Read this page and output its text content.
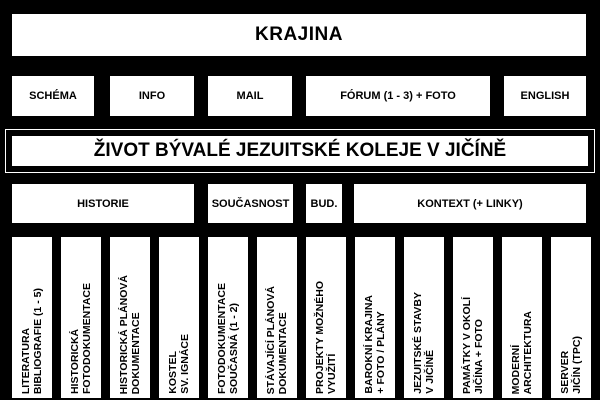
KRAJINA
SCHÉMA	INFO	MAIL	FÓRUM (1 - 3) + FOTO	ENGLISH
ŽIVOT BÝVALÉ JEZUITSKÉ KOLEJE V JIČÍNĚ
HISTORIE	SOUČASNOST	BUD.	KONTEXT (+ LINKY)
LITERATURA
BIBLIOGRAFIE (1 - 5)
HISTORICKÁ
FOTODOKUMENTACE HISTORICKÁ PLÁNOVÁ
DOKUMENTACE KOSTEL
SV. IGNÁCE FOTODOKUMENTACE
SOUČASNÁ (1 - 2)
STÁVAJÍCÍ PLÁNOVÁ
DOKUMENTACE PROJEKTY MOŽNÉHO
VYUŽITÍ BAROKNÍ KRAJINA
+ FOTO / PLÁNY
JEZUITSKÉ STAVBY
V JIČÍNĚ PAMÁTKY V OKOLÍ
JIČÍNA + FOTO
MODERNÍ
ARCHITEKTURA SERVER
JIČÍN (TPC)
